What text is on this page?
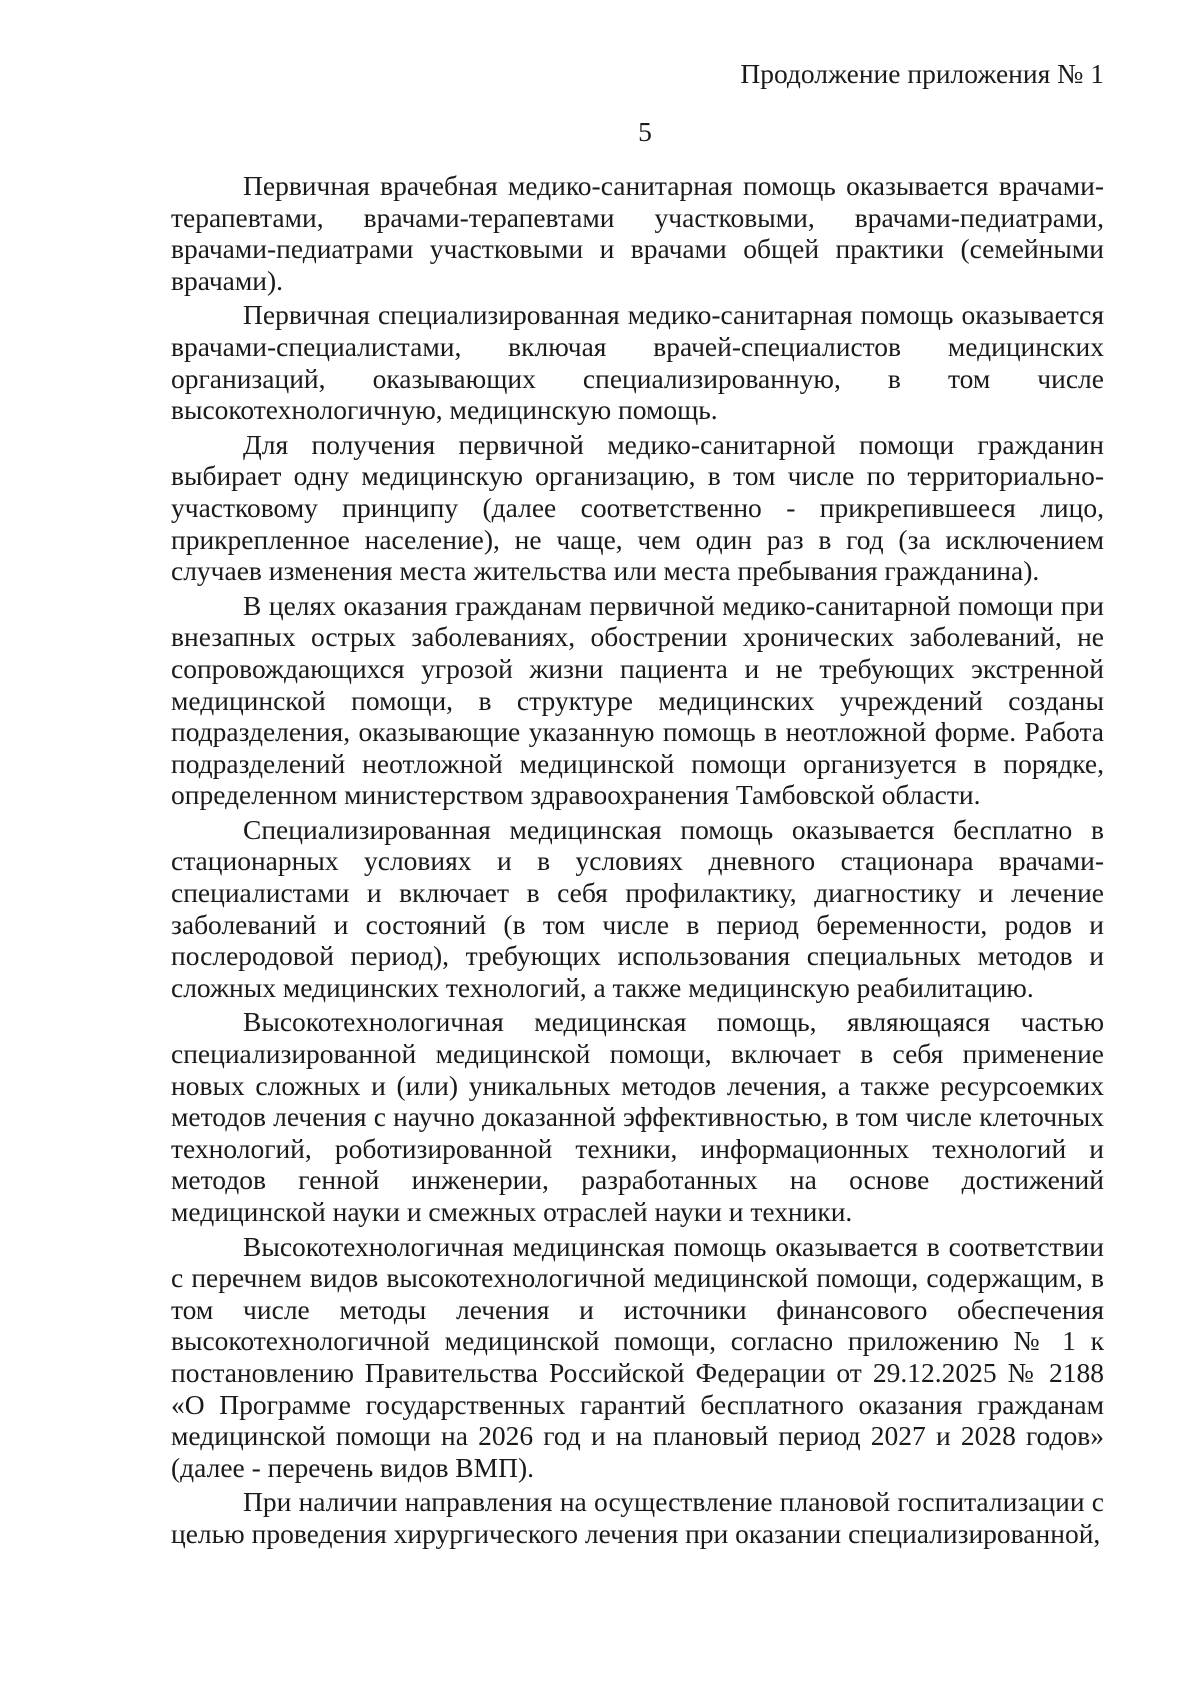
Продолжение приложения № 1

5

Первичная врачебная медико-санитарная помощь оказывается врачами-терапевтами, врачами-терапевтами участковыми, врачами-педиатрами, врачами-педиатрами участковыми и врачами общей практики (семейными врачами).

Первичная специализированная медико-санитарная помощь оказывается врачами-специалистами, включая врачей-специалистов медицинских организаций, оказывающих специализированную, в том числе высокотехнологичную, медицинскую помощь.

Для получения первичной медико-санитарной помощи гражданин выбирает одну медицинскую организацию, в том числе по территориально-участковому принципу (далее соответственно - прикрепившееся лицо, прикрепленное население), не чаще, чем один раз в год (за исключением случаев изменения места жительства или места пребывания гражданина).

В целях оказания гражданам первичной медико-санитарной помощи при внезапных острых заболеваниях, обострении хронических заболеваний, не сопровождающихся угрозой жизни пациента и не требующих экстренной медицинской помощи, в структуре медицинских учреждений созданы подразделения, оказывающие указанную помощь в неотложной форме. Работа подразделений неотложной медицинской помощи организуется в порядке, определенном министерством здравоохранения Тамбовской области.

Специализированная медицинская помощь оказывается бесплатно в стационарных условиях и в условиях дневного стационара врачами-специалистами и включает в себя профилактику, диагностику и лечение заболеваний и состояний (в том числе в период беременности, родов и послеродовой период), требующих использования специальных методов и сложных медицинских технологий, а также медицинскую реабилитацию.

Высокотехнологичная медицинская помощь, являющаяся частью специализированной медицинской помощи, включает в себя применение новых сложных и (или) уникальных методов лечения, а также ресурсоемких методов лечения с научно доказанной эффективностью, в том числе клеточных технологий, роботизированной техники, информационных технологий и методов генной инженерии, разработанных на основе достижений медицинской науки и смежных отраслей науки и техники.

Высокотехнологичная медицинская помощь оказывается в соответствии с перечнем видов высокотехнологичной медицинской помощи, содержащим, в том числе методы лечения и источники финансового обеспечения высокотехнологичной медицинской помощи, согласно приложению № 1 к постановлению Правительства Российской Федерации от 29.12.2025 № 2188 «О Программе государственных гарантий бесплатного оказания гражданам медицинской помощи на 2026 год и на плановый период 2027 и 2028 годов» (далее - перечень видов ВМП).

При наличии направления на осуществление плановой госпитализации с целью проведения хирургического лечения при оказании специализированной,
